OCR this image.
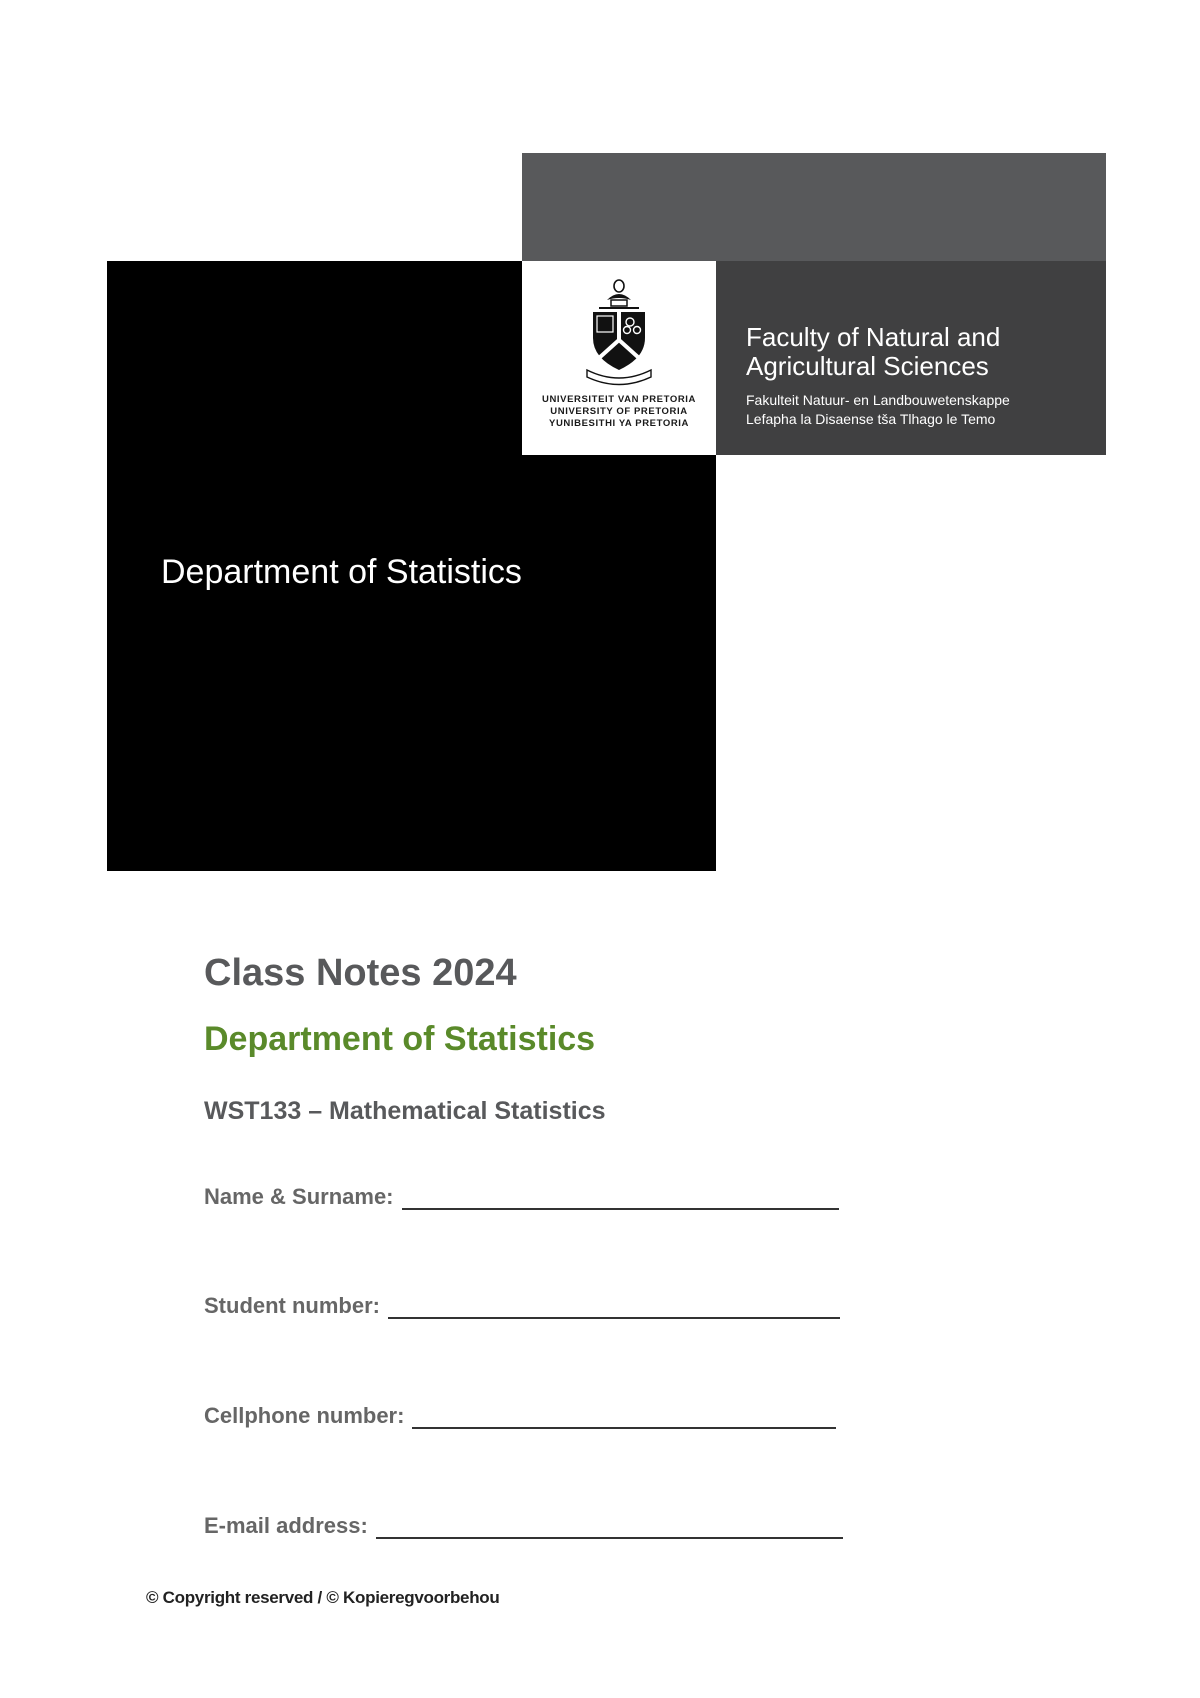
Department of Statistics
Faculty of Natural and
Agricultural Sciences
Fakulteit Natuur- en Landbouwetenskappe
Lefapha la Disaense tša Tlhago le Temo
UNIVERSITEIT VAN PRETORIA
UNIVERSITY OF PRETORIA
YUNIBESITHI YA PRETORIA
Class Notes 2024
Department of Statistics
WST133 – Mathematical Statistics
Name & Surname:
Student number:
Cellphone number:
E-mail address:
© Copyright reserved / © Kopieregvoorbehou
